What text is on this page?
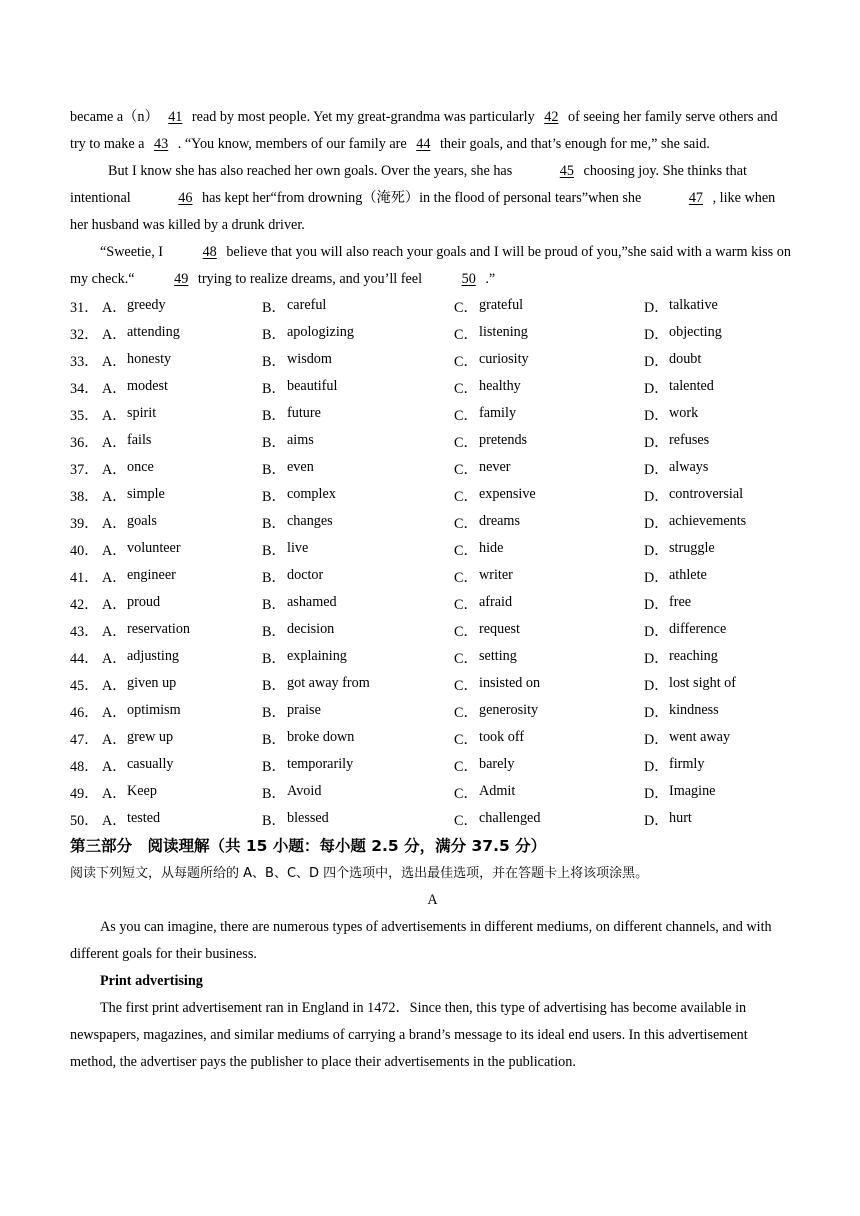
became a（n） 41 read by most people. Yet my great-grandma was particularly 42 of seeing her family serve others and try to make a 43 . “You know, members of our family are 44 their goals, and that’s enough for me,” she said.

But I know she has also reached her own goals. Over the years, she has	45 choosing joy. She thinks that intentional	46 has kept her“from drowning（淹死）in the flood of personal tears”when she	47 , like when her husband was killed by a drunk driver.

“Sweetie, I	48 believe that you will also reach your goals and I will be proud of you,”she said with a warm kiss on my check.“	49 trying to realize dreams, and you’ll feel	50 .”

31． A． greedy	B． careful	C． grateful	D． talkative
32． A． attending	B． apologizing	C． listening	D． objecting
33． A． honesty	B． wisdom	C． curiosity	D． doubt
34． A． modest	B． beautiful	C． healthy	D． talented
35． A． spirit	B． future	C． family	D． work
36． A． fails	B． aims	C． pretends	D． refuses
37． A． once	B． even	C． never	D． always
38． A． simple	B． complex	C． expensive	D． controversial
39． A． goals	B． changes	C． dreams	D． achievements
40． A． volunteer	B． live	C． hide	D． struggle
41． A． engineer	B． doctor	C． writer	D． athlete
42． A． proud	B． ashamed	C． afraid	D． free
43． A． reservation	B． decision	C． request	D． difference
44． A． adjusting	B． explaining	C． setting	D． reaching
45． A． given up	B． got away from	C． insisted on	D． lost sight of
46． A． optimism	B． praise	C． generosity	D． kindness
47． A． grew up	B． broke down	C． took off	D． went away
48． A． casually	B． temporarily	C． barely	D． firmly
49． A． Keep	B． Avoid	C． Admit	D． Imagine
50． A． tested	B． blessed	C． challenged	D． hurt

第三部分　阅读理解（共 15 小题：每小题 2.5 分，满分 37.5 分）

阅读下列短文，从每题所给的 A、B、C、D 四个选项中，选出最佳选项，并在答题卡上将该项涂黑。

A

As you can imagine, there are numerous types of advertisements in different mediums, on different channels, and with different goals for their business.

Print advertising

The first print advertisement ran in England in 1472．Since then, this type of advertising has become available in newspapers, magazines, and similar mediums of carrying a brand’s message to its ideal end users. In this advertisement method, the advertiser pays the publisher to place their advertisements in the publication.
